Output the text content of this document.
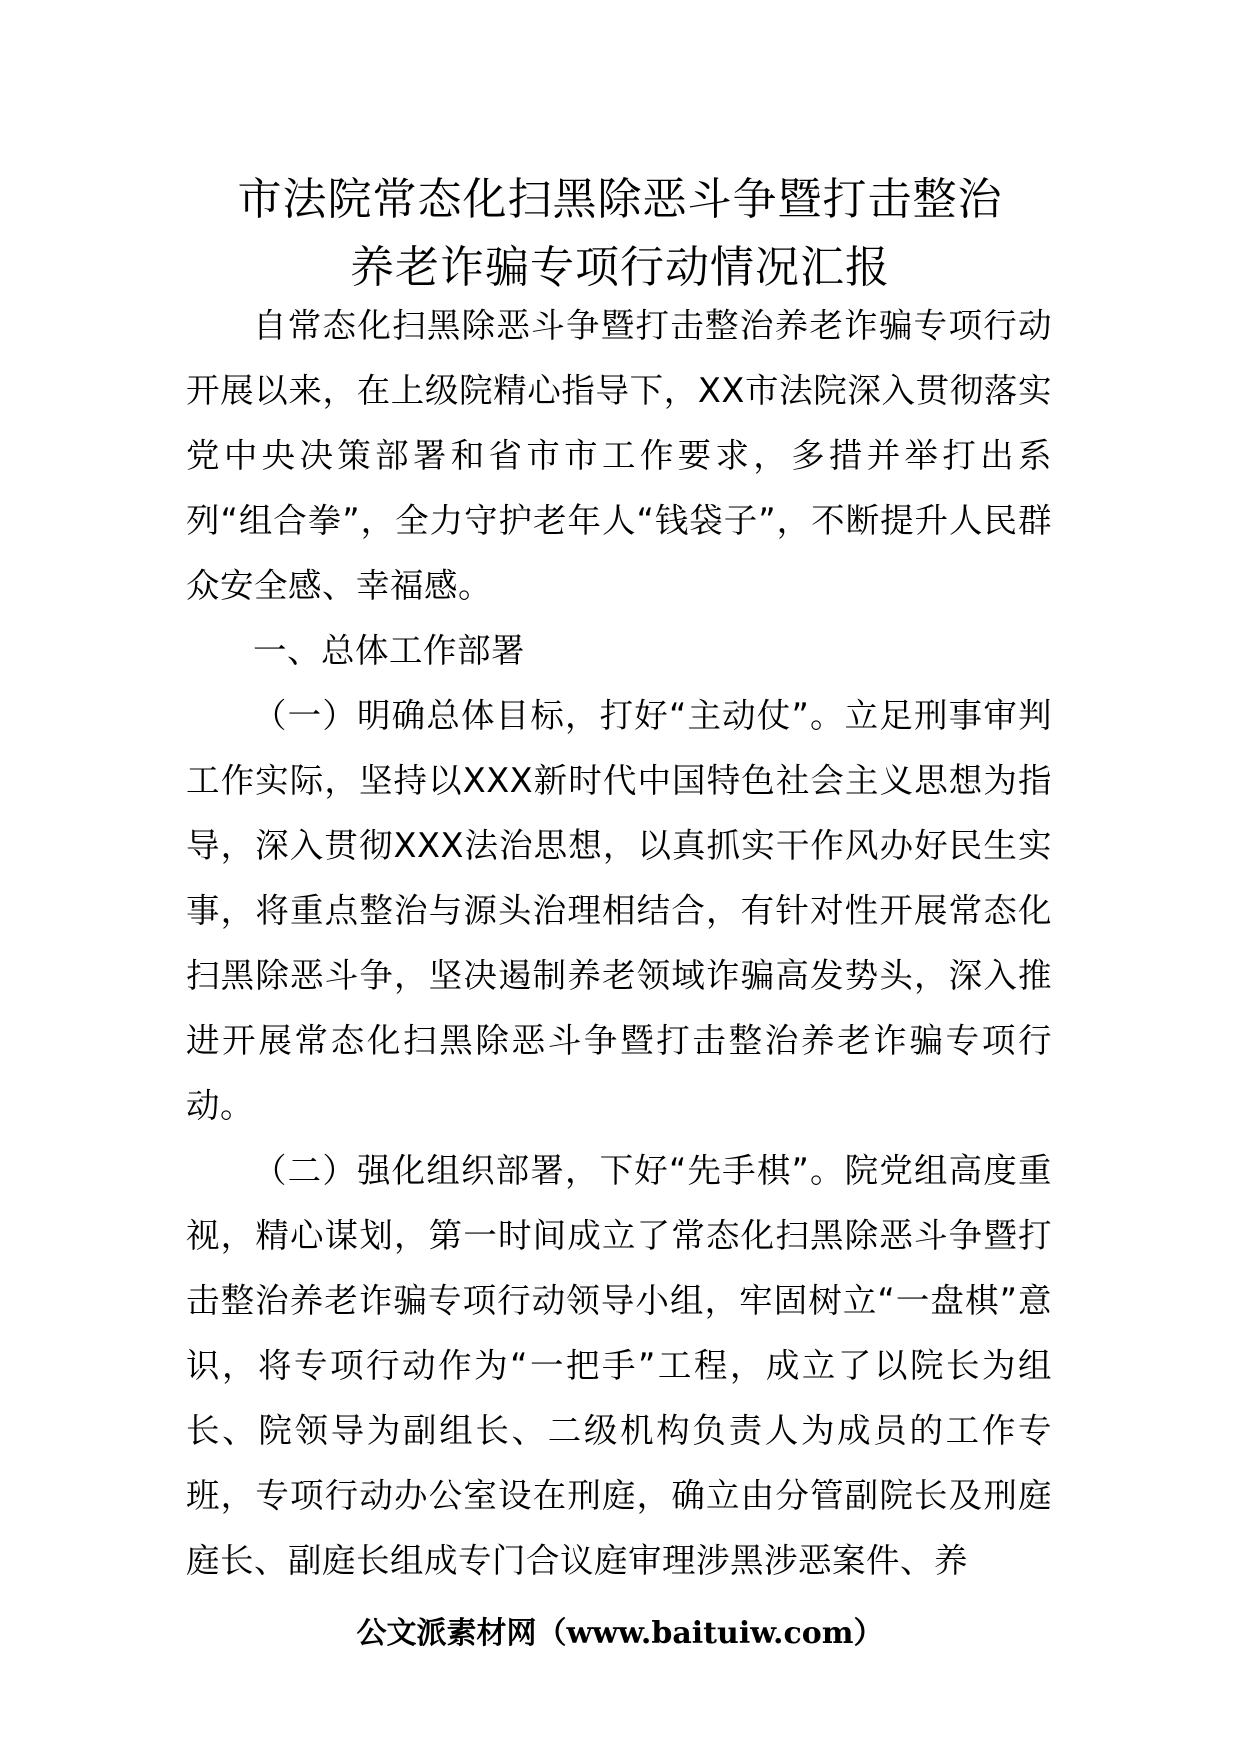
市法院常态化扫黑除恶斗争暨打击整治
养老诈骗专项行动情况汇报

自常态化扫黑除恶斗争暨打击整治养老诈骗专项行动开展以来，在上级院精心指导下，XX市法院深入贯彻落实党中央决策部署和省市市工作要求，多措并举打出系列“组合拳”，全力守护老年人“钱袋子”，不断提升人民群众安全感、幸福感。

一、总体工作部署

（一）明确总体目标，打好“主动仗”。立足刑事审判工作实际，坚持以XXX新时代中国特色社会主义思想为指导，深入贯彻XXX法治思想，以真抓实干作风办好民生实事，将重点整治与源头治理相结合，有针对性开展常态化扫黑除恶斗争，坚决遏制养老领域诈骗高发势头，深入推进开展常态化扫黑除恶斗争暨打击整治养老诈骗专项行动。

（二）强化组织部署，下好“先手棋”。院党组高度重视，精心谋划，第一时间成立了常态化扫黑除恶斗争暨打击整治养老诈骗专项行动领导小组，牢固树立“一盘棋”意识，将专项行动作为“一把手”工程，成立了以院长为组长、院领导为副组长、二级机构负责人为成员的工作专班，专项行动办公室设在刑庭，确立由分管副院长及刑庭庭长、副庭长组成专门合议庭审理涉黑涉恶案件、养

公文派素材网（www.baituiw.com）
